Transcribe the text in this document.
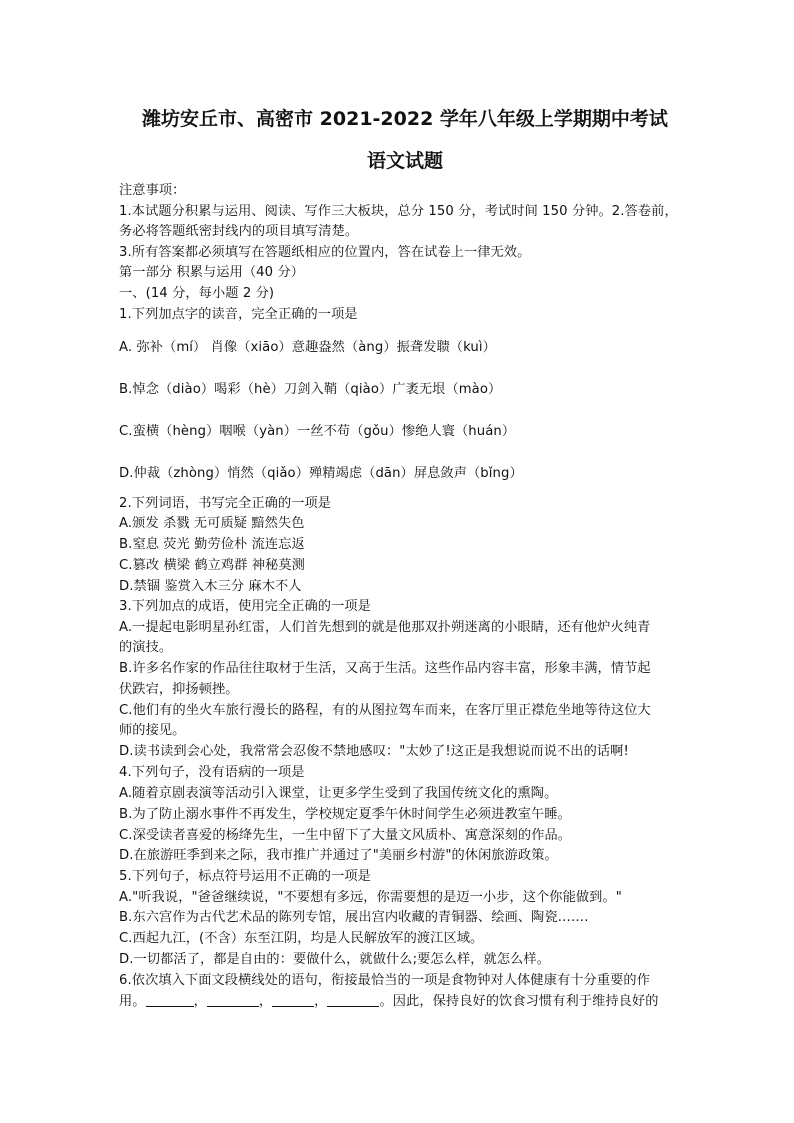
潍坊安丘市、高密市 2021-2022 学年八年级上学期期中考试
语文试题
注意事项：
1.本试题分积累与运用、阅读、写作三大板块，总分 150 分，考试时间 150 分钟。2.答卷前，
务必将答题纸密封线内的项目填写清楚。
3.所有答案都必须填写在答题纸相应的位置内，答在试卷上一律无效。
第一部分 积累与运用（40 分）
一、(14 分，每小题 2 分)
1.下列加点字的读音，完全正确的一项是
A. 弥补（mí） 肖像（xiāo）意趣盎然（àng）振聋发聩（kuì）
B.悼念（diào）喝彩（hè）刀剑入鞘（qiào）广袤无垠（mào）
C.蛮横（hèng）咽喉（yàn）一丝不苟（gǒu）惨绝人寰（huán）
D.仲裁（zhòng）悄然（qiǎo）殚精竭虑（dān）屏息敛声（bǐng）
2.下列词语，书写完全正确的一项是
A.颁发 杀戮 无可质疑 黯然失色
B.窒息 荧光 勤劳俭朴 流连忘返
C.篡改 横梁 鹤立鸡群 神秘莫测
D.禁锢 鉴赏入木三分 麻木不人
3.下列加点的成语，使用完全正确的一项是
A.一提起电影明星孙红雷，人们首先想到的就是他那双扑朔迷离的小眼睛，还有他炉火纯青
的演技。
B.许多名作家的作品往往取材于生活，又高于生活。这些作品内容丰富，形象丰满，情节起
伏跌宕，抑扬顿挫。
C.他们有的坐火车旅行漫长的路程，有的从图拉驾车而来，在客厅里正襟危坐地等待这位大
师的接见。
D.读书读到会心处，我常常会忍俊不禁地感叹："太妙了!这正是我想说而说不出的话啊!
4.下列句子，没有语病的一项是
A.随着京剧表演等活动引入课堂，让更多学生受到了我国传统文化的熏陶。
B.为了防止溺水事件不再发生，学校规定夏季午休时间学生必须进教室午睡。
C.深受读者喜爱的杨绛先生，一生中留下了大量文风质朴、寓意深刻的作品。
D.在旅游旺季到来之际，我市推广并通过了"美丽乡村游"的休闲旅游政策。
5.下列句子，标点符号运用不正确的一项是
A."听我说，"爸爸继续说，"不要想有多远，你需要想的是迈一小步，这个你能做到。"
B.东六宫作为古代艺术品的陈列专馆，展出宫内收藏的青铜器、绘画、陶瓷…….
C.西起九江，(不含）东至江阴，均是人民解放军的渡江区域。
D.一切都活了，都是自由的：要做什么，就做什么;要怎么样，就怎么样。
6.依次填入下面文段横线处的语句，衔接最恰当的一项是食物钟对人体健康有十分重要的作
用。	，	，	，	。因此，保持良好的饮食习惯有利于维持良好的
